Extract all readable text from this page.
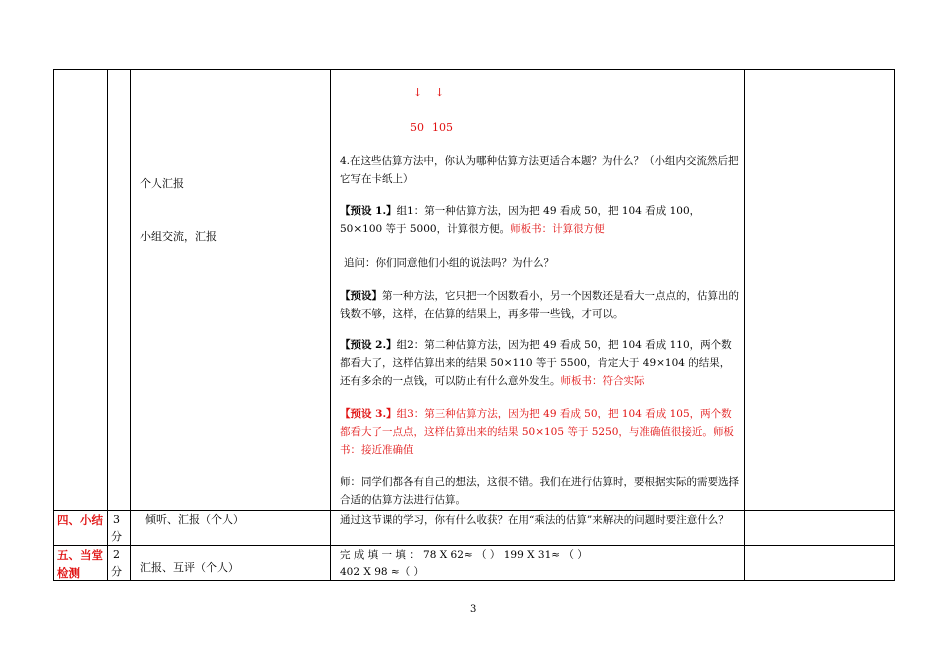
个人汇报
小组交流，汇报
↓ ↓
50 105
4.在这些估算方法中，你认为哪种估算方法更适合本题？为什么？（小组内交流然后把它写在卡纸上）
【预设 1.】组1：第一种估算方法，因为把 49 看成 50，把 104 看成 100，50×100 等于 5000，计算很方便。师板书：计算很方便
追问：你们同意他们小组的说法吗？为什么？
【预设】第一种方法，它只把一个因数看小，另一个因数还是看大一点点的，估算出的钱数不够，这样，在估算的结果上，再多带一些钱，才可以。
【预设 2.】组2：第二种估算方法，因为把 49 看成 50，把 104 看成 110，两个数都看大了，这样估算出来的结果 50×110 等于 5500，肯定大于 49×104 的结果，还有多余的一点钱，可以防止有什么意外发生。师板书：符合实际
【预设 3.】组3：第三种估算方法，因为把 49 看成 50，把 104 看成 105，两个数都看大了一点点，这样估算出来的结果 50×105 等于 5250，与准确值很接近。师板书：接近准确值
师：同学们都各有自己的想法，这很不错。我们在进行估算时，要根据实际的需要选择合适的估算方法进行估算。
四、小结 3
分
倾听、汇报（个人）	通过这节课的学习，你有什么收获？在用“乘法的估算”来解决的问题时要注意什么？
五、当堂检测
2
分 汇报、互评（个人）
完 成 填 一 填 ： 78 X 62≈ （ ） 199 X 31≈ （ ）
402 X 98 ≈（ ）
3
